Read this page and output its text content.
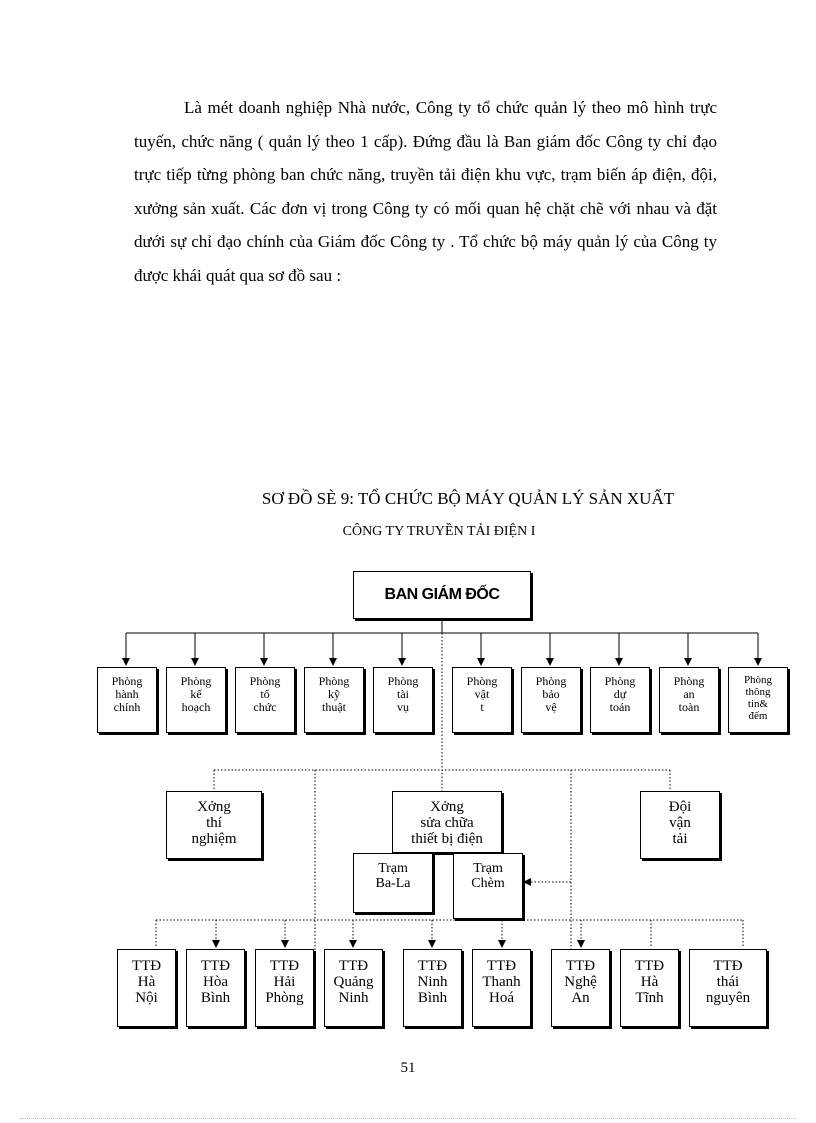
Là mét doanh nghiệp Nhà nước, Công ty tổ chức quản lý theo mô hình trực tuyến, chức năng ( quản lý theo 1 cấp). Đứng đầu là Ban giám đốc Công ty chỉ đạo trực tiếp từng phòng ban chức năng, truyền tải điện khu vực, trạm biến áp điện, đội, xưởng sản xuất. Các đơn vị trong Công ty có mối quan hệ chặt chẽ với nhau và đặt dưới sự chỉ đạo chính của Giám đốc Công ty . Tổ chức bộ máy quản lý của Công ty được khái quát qua sơ đồ sau :

SƠ ĐỒ SÈ 9: TỔ CHỨC BỘ MÁY QUẢN LÝ SẢN XUẤT
CÔNG TY TRUYỀN TẢI ĐIỆN I
BAN GIÁM ĐỐC
Phòng
hành
chính
Phòng
kế
hoạch
Phòng
tổ
chức
Phòng
kỹ
thuật
Phòng
tài
vụ
Phòng
vật
t
Phòng
bảo
vệ
Phòng
dự
toán
Phòng
an
toàn
Phòng
thông
tin&
đếm
Xởng
thí
nghiệm
Xởng
sửa chữa
thiết bị điện
Đội
vận
tải
Trạm
Ba-La
Trạm
Chèm
TTĐ
Hà
Nội
TTĐ
Hòa
Bình
TTĐ
Hải
Phòng
TTĐ
Quảng
Ninh
TTĐ
Ninh
Bình
TTĐ
Thanh
Hoá
TTĐ
Nghệ
An
TTĐ
Hà
Tĩnh
TTĐ
thái
nguyên
51
